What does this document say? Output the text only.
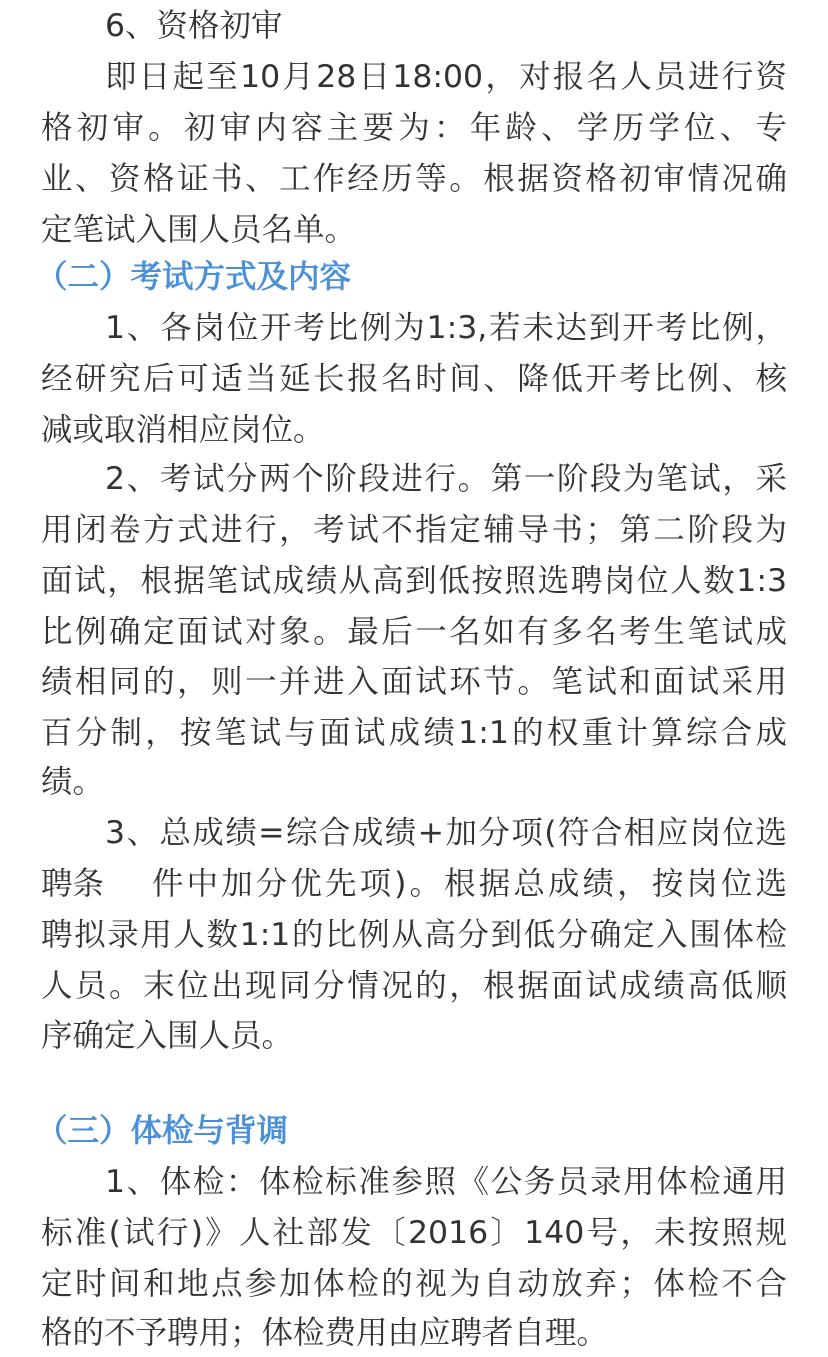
6、资格初审
即日起至10月28日18:00，对报名人员进行资
格初审。初审内容主要为：年龄、学历学位、专
业、资格证书、工作经历等。根据资格初审情况确
定笔试入围人员名单。
（二）考试方式及内容
1、各岗位开考比例为1:3,若未达到开考比例，
经研究后可适当延长报名时间、降低开考比例、核
减或取消相应岗位。
2、考试分两个阶段进行。第一阶段为笔试，采
用闭卷方式进行，考试不指定辅导书；第二阶段为
面试，根据笔试成绩从高到低按照选聘岗位人数1:3
比例确定面试对象。最后一名如有多名考生笔试成
绩相同的，则一并进入面试环节。笔试和面试采用
百分制，按笔试与面试成绩1:1的权重计算综合成
绩。
3、总成绩=综合成绩+加分项(符合相应岗位选
聘条 件中加分优先项)。根据总成绩，按岗位选
聘拟录用人数1:1的比例从高分到低分确定入围体检
人员。末位出现同分情况的，根据面试成绩高低顺
序确定入围人员。
（三）体检与背调
1、体检：体检标准参照《公务员录用体检通用
标准(试行)》人社部发〔2016〕140号，未按照规
定时间和地点参加体检的视为自动放弃；体检不合
格的不予聘用；体检费用由应聘者自理。
